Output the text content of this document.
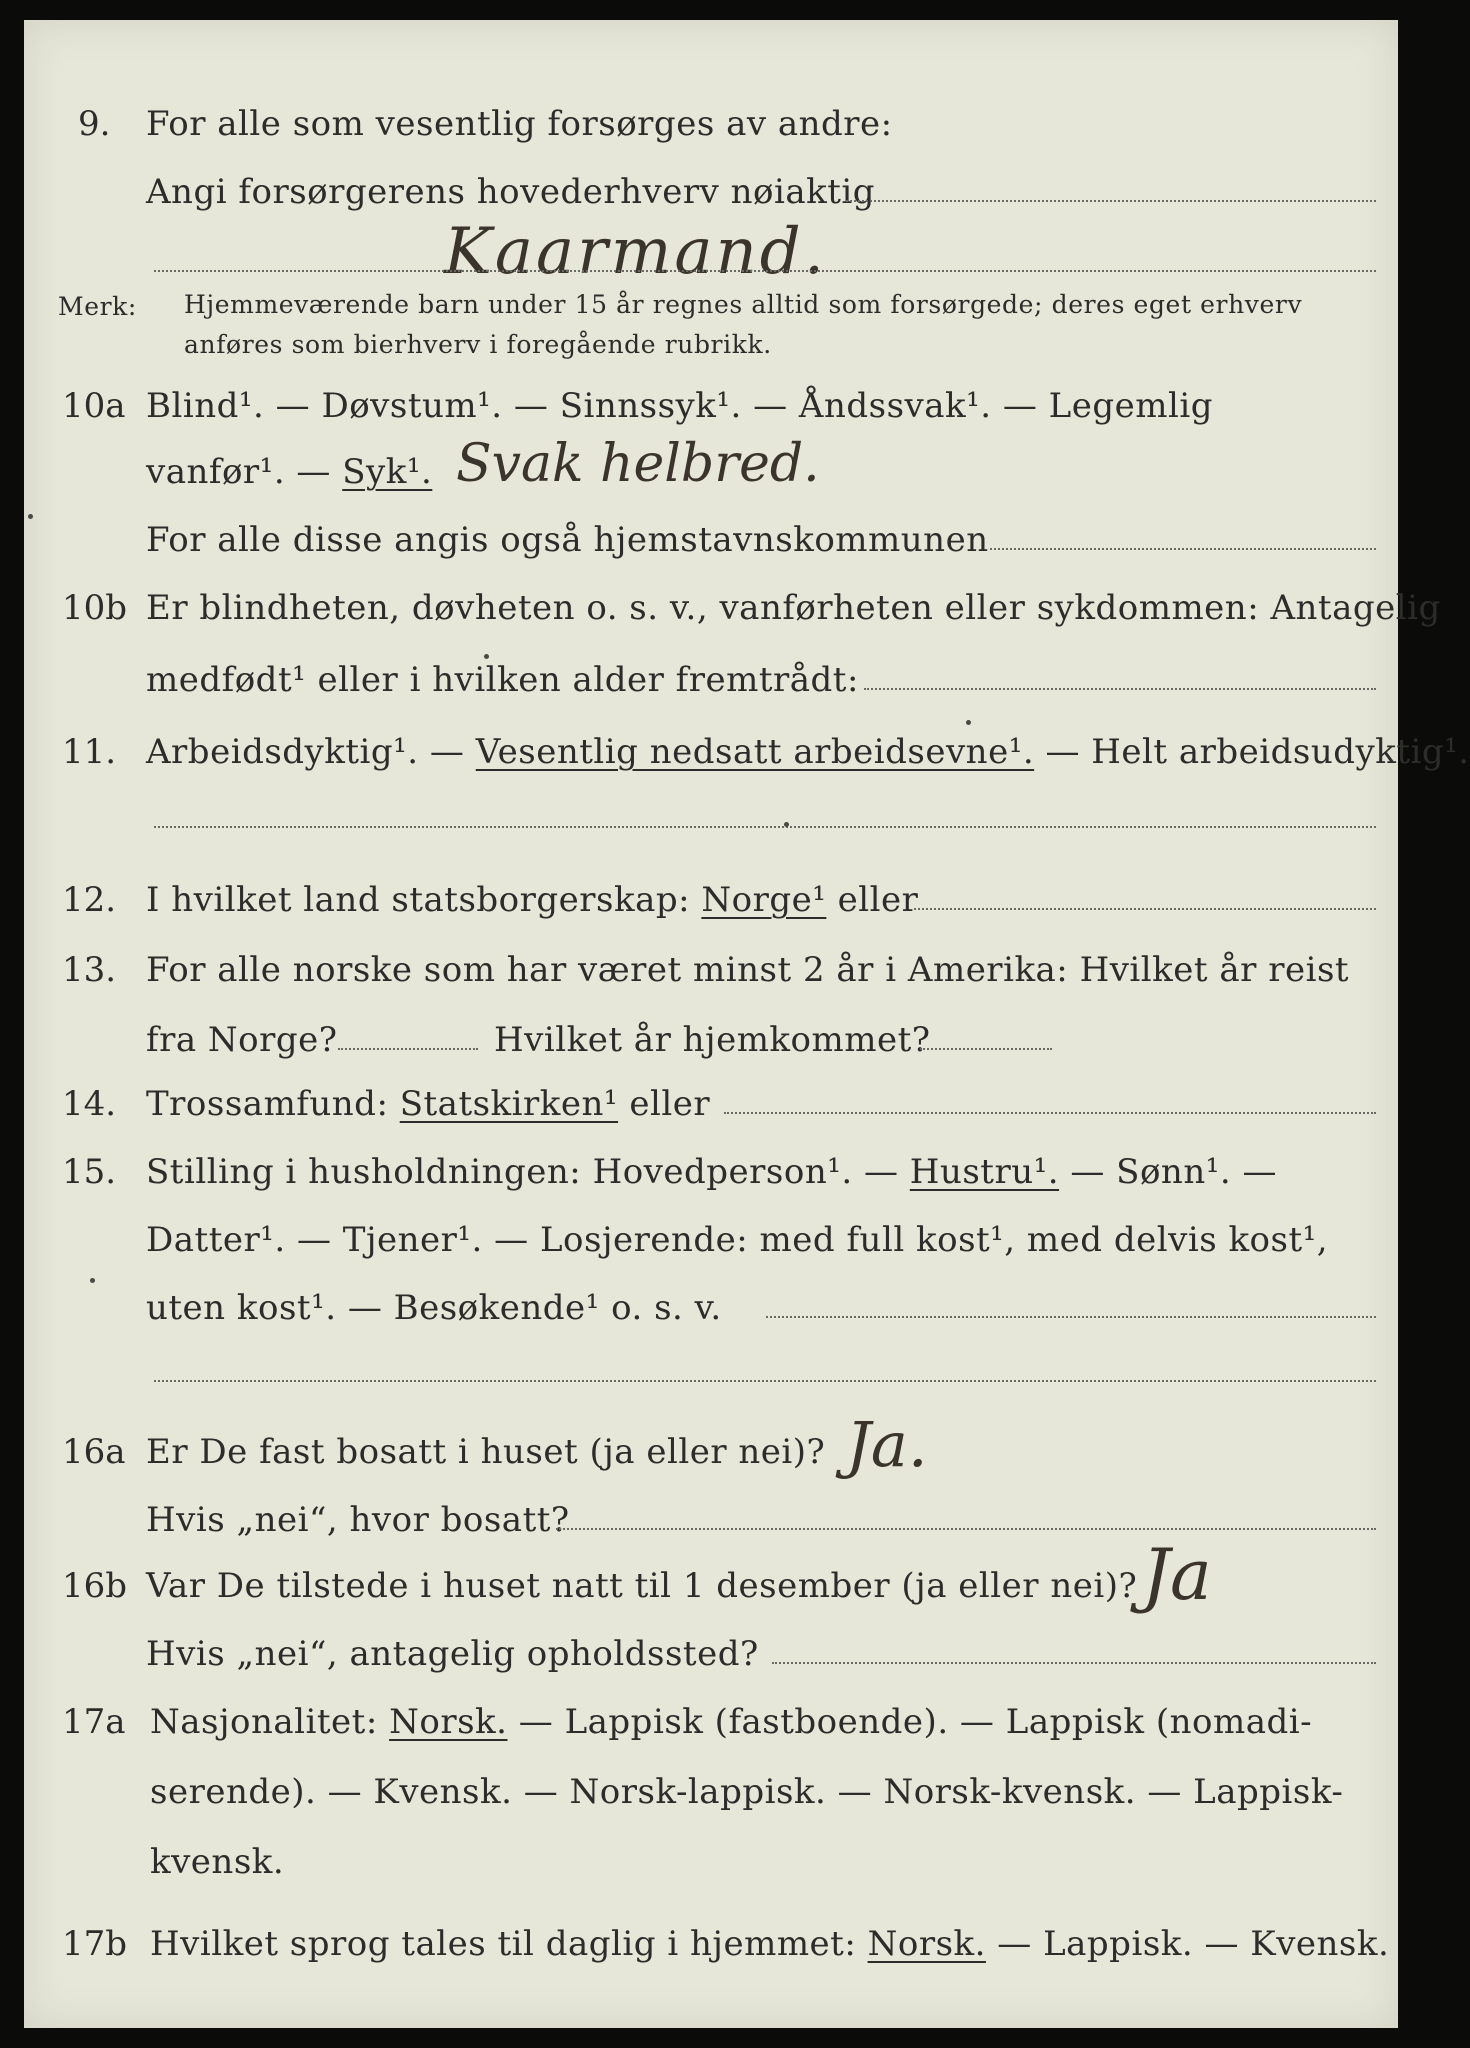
9. For alle som vesentlig forsørges av andre:
Angi forsørgerens hovederhverv nøiaktig
Kaarmand.
Merk: Hjemmeværende barn under 15 år regnes alltid som forsørgede; deres eget erhverv
anføres som bierhverv i foregående rubrikk.
10a Blind¹. — Døvstum¹. — Sinnssyk¹. — Åndssvak¹. — Legemlig
vanfør¹. — Syk¹. Svak helbred.
For alle disse angis også hjemstavnskommunen
10b Er blindheten, døvheten o. s. v., vanførheten eller sykdommen: Antagelig
medfødt¹ eller i hvilken alder fremtrådt:
11. Arbeidsdyktig¹. — Vesentlig nedsatt arbeidsevne¹. — Helt arbeidsudyktig¹.
12. I hvilket land statsborgerskap: Norge¹ eller
13. For alle norske som har været minst 2 år i Amerika: Hvilket år reist
fra Norge?	Hvilket år hjemkommet?
14. Trossamfund: Statskirken¹ eller
15. Stilling i husholdningen: Hovedperson¹. — Hustru¹. — Sønn¹. —
Datter¹. — Tjener¹. — Losjerende: med full kost¹, med delvis kost¹,
uten kost¹. — Besøkende¹ o. s. v.
16a Er De fast bosatt i huset (ja eller nei)? Ja.
Hvis „nei“, hvor bosatt?
16b Var De tilstede i huset natt til 1 desember (ja eller nei)? Ja
Hvis „nei“, antagelig opholdssted?
17a Nasjonalitet: Norsk. — Lappisk (fastboende). — Lappisk (nomadi-
serende). — Kvensk. — Norsk-lappisk. — Norsk-kvensk. — Lappisk-
kvensk.
17b Hvilket sprog tales til daglig i hjemmet: Norsk. — Lappisk. — Kvensk.
